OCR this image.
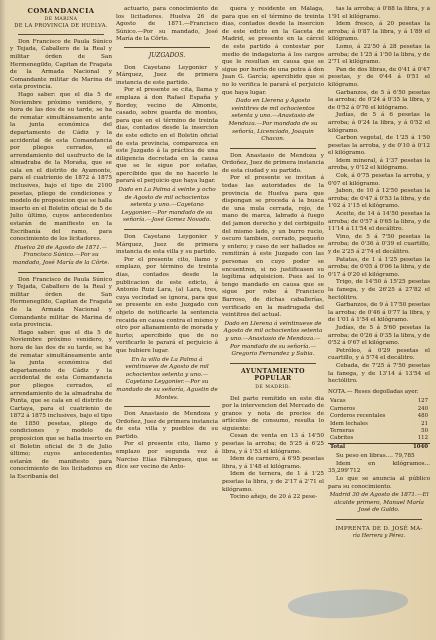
COMANDANCIA
DE MARINA
DE LA PROVINCIA DE HUELVA.

Don Francisco de Paula Súnico y Tejada, Caballero de la Real y militar órden de San Hermenegildo, Capitan de Fragata de la Armada Nacional y Comandante militar de Marina de esta provincia.

Hago saber: que el dia 5 de Noviembre próximo venidero, y hora de las dos de su tarde, se ha de rematar simultáneamente ante la junta económica del departamento de Cádiz y la accidental de esta Comandancia por pliegos cerrados, el arrendamiento del usufructo de la almadraba de la Moraña, que se cala en el distrito de Ayamonte, para el cuatrienio de 1872 á 1875 inclusives, bajo el tipo de 2100 pesetas, pliego de condiciones y modelo de proposicion que se halla inserto en el Boletin oficial de 5 de Julio último, cuyos antecedentes estarán de manifiesto en la Escribanía del ramo, para conocimiento de los licitadores.

Huelva 26 de Agosto de 1871.—Francisco Súnico.—Por su mandado, José María de la Côrte.

Don Francisco de Paula Súnico y Tejada, Caballero de la Real y militar órden de San Hermenegildo, Capitan de Fragata de la Armada Nacional y Comandante militar de Marina de esta provincia.

Hago saber: que el dia 5 de Noviembre próximo venidero, y hora de las dos de su tarde, se ha de rematar simultáneamente ante la junta económica del departamento de Cádiz y la accidental de esta Comandancia por pliegos cerrados, el arrendamiento de la almadraba de Punta, que se cala en el distrito de Cartaya, para el cuatrienio de 1872 á 1875 inclusives, bajo el tipo de 1850 pesetas, pliego de condiciones y modelo de proposicion que se halla inserto en el Boletin oficial de 5 de Julio último; cuyos antecedentes estarán de manifiesto para conocimiento de los licitadores en la Escribanía del

actuario, para conocimiento de los licitadores. Huelva 26 de Agosto de 1871.—Francisco Súnico.—Por su mandado, José María de la Côrte.

JUZGADOS.

Don Cayetano Leygonier y Márquez, Juez de primera instancia de este partido.

Por el presente se cita, llama y emplaza á don Rafael España y Bordoy, vecino de Almonte, casado, sobre guarda de montes, para que en el término de treinta dias, contados desde la insercion de este edicto en el Boletin oficial de esta provincia, comparezca en este Juzgado á la práctica de una diligencia decretada en la causa que se le sigue por estafas, apercibido que de no hacerlo le parará el perjuicio que haya lugar.

Dado en La Palma á veinte y ocho de Agosto de mil ochocientos setenta y uno.—Cayetano Leygonier.—Por mandado de su señoría.—José Gomez Novado.

Don Cayetano Leygonier y Márquez, Juez de primera instancia de esta villa y su partido.

Por el presente cito, llamo y emplazo, por término de treinta dias, contados desde la publicacion de este edicto, á Antonio Ruiz Lara, (a) Lara, tres, cuya vecindad se ignora, para que se presente en este Juzgado con objeto de notificarle la sentencia recaida en causa contra el mismo y otro por allanamiento de morada y hurto; apercibido que de no verificarlo le parará el perjuicio á que hubiere lugar.

En la villa de La Palma á veintinueve de Agosto de mil ochocientos setenta y uno.—Cayetano Leygonier.—Por su mandado de su señoría, Agustin de Montes.

Don Anastasio de Mendoza y Ordoñez, Juez de primera instancia de esta villa y pueblos de su partido.

Por el presente cito, llamo y emplazo por segunda vez á Narciso Elías Fábregues, que se dice ser vecino de Anto-

quera y residente en Málaga, para que en el término de treinta dias, contados desde la insercion de este edicto en la Gaceta de Madrid, se presente en la cárcel de este partido á contestar por medio de indagatoria á los cargos que le resultan en causa que se sigue por hurto de una potra á don Juan G. García; apercibido que si no lo verifica le parará el perjuicio que haya lugar.

Dado en Llerena y Agosto veintitres de mil ochocientos setenta y uno.—Anastasio de Mendoza.—Por mandado de su señoría, Licenciado, Joaquin Chacon.

Don Anastasio de Mendoza y Ordoñez, Juez de primera instancia de esta ciudad y su partido.

Por el presente se invitan á todas las autoridades de la provincia de Huelva para que dispongan se proceda á la busca de una mula cerrada, rojo, de mano de marca, labrado á fuego del jamon derecho y del cerbiguilo del mismo lado, y un burro rucio, oscuro tambien, cerrado, pequeño y entero; y caso de ser hallados se remitirán á este Juzgado con las personas en cuyo poder se encuentren, si no justificasen su legítima adquisicion. Pues así lo tengo mandado en causa que se sigue por robo á Francisco Barroso, de dichas caballerías, verificado en la madrugada del veintitres del actual.

Dado en Llerena á veintinueve de Agosto de mil ochocientos setenta y uno.—Anastasio de Mendoza.—Por mandado de su señoría.—Gregorio Fernandez y Subia.

AYUNTAMIENTO POPULAR
DE MADRID.

Del parte remitido en este dia por la intervencion del Mercado de granos y nota de precios de artículos de consumo, resulta lo siguiente:

Cesan de venta en 13 á 14'50 pesetas la arroba; de 5'25 á 6'25 libra, y á 1'53 el kilógramo.

Idem de carnero, á 6'95 pesetas libra, y á 1'48 el kilógramo.

Idem de ternera, de 1 á 1'25 pesetas la libra, y de 2'17 á 2'71 el kilógramo.

Tocino añejo, de 20 á 22 pese-

tas la arroba; á 0'88 la libra, y á 1'91 el kilógramo.

Idem fresco, á 20 pesetas la arroba; á 0'87 la libra, y á 1'89 el kilógramo.

Lomo, á 22'50 á 28 pesetas la arroba; de 1'25 á 1'50 la libra, y de 2'71 el kilógramo.

Pan de dos libras, de 0'41 á 0'47 pesetas, y de 0'44 á 0'51 el kilógramo.

Garbanzos, de 5 á 6'50 pesetas la arroba; de 0'24 á 0'35 la libra, y de 0'52 á 0'76 el kilógramo.

Judías, de 5 á 6 pesetas la arroba; á 0'24 la libra, y á 0'52 el kilógramo.

Carbon vegetal, de 1'25 á 1'50 pesetas la arroba, y de 0'10 á 0'12 el kilógramo.

Idem mineral, á 1'37 pesetas la arroba, y 0'12 el kilógramo.

Cok, á 0'75 pesetas la arroba, y 0'07 el kilógramo.

Jabon, de 10 á 12'50 pesetas la arroba; de 0'47 á 0'53 la libra, y de 1'02 á 1'15 el kilógramo.

Aceite, de 14 á 14'50 pesetas la arroba; de 0'57 á 0'65 la libra, y de 11'14 á 11'54 el decálitro.

Vino, de 5 á 7'50 pesetas la arroba; de 0'36 á 0'39 el cuartillo, y de 2'25 á 2'74 el decálitro.

Patatas, de 1 á 1'25 pesetas la arroba; de 0'05 á 0'06 la libra, y de 0'17 á 0'20 el kilógramo.

Trigo, de 14'50 á 15'25 pesetas la fanega, y de 26'25 á 27'82 el hectólitro.

Garbanzos, de 9 á 17'50 pesetas la arroba; de 0'46 á 0'77 la libra, y de 1'01 á 1'54 el kilógramo.

Judías, de 5 á 5'60 pesetas la arroba; de 0'26 á 0'35 la libra, y de 0'52 á 0'67 el kilógramo.

Petróleo, á 0'29 pesetas el cuartillo, y á 5'74 el decálitro.

Cebada, de 7'25 á 7'50 pesetas la fanega, y de 13'14 á 13'54 el hectólitro.

NOTA.— Reses degolladas ayer.
Vacas	127
Carneros	240
Corderos recentales	480
Idem lechales	21
Terneras	50
Cabritos	112
Total	1040

Su peso en libras.... 79,785

Idem en kilógramos... 35,299'712

Lo que se anuncia al público para su conocimiento.

Madrid 30 de Agosto de 1871.—El alcalde primero, Manuel María José de Galdo.

IMPRENTA DE D. JOSÉ MA-
ría Herrera y Pérez.
